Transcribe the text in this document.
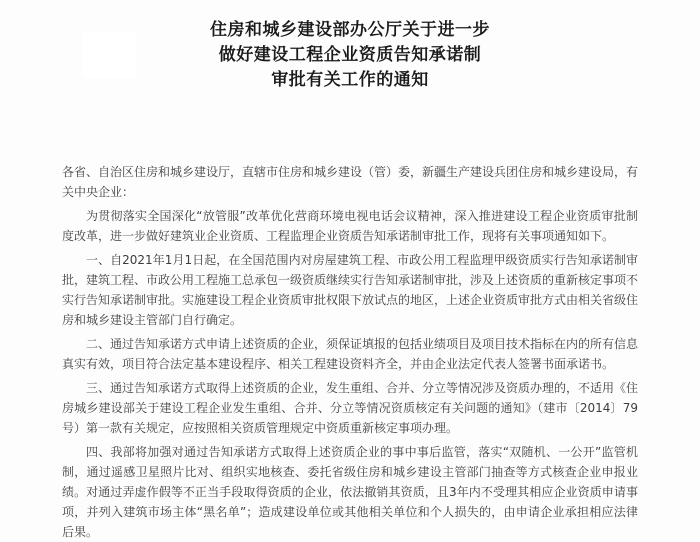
住房和城乡建设部办公厅关于进一步
做好建设工程企业资质告知承诺制
审批有关工作的通知
各省、自治区住房和城乡建设厅，直辖市住房和城乡建设（管）委，新疆生产建设兵团住房和城乡建设局，有关中央企业：

为贯彻落实全国深化“放管服”改革优化营商环境电视电话会议精神，深入推进建设工程企业资质审批制度改革，进一步做好建筑业企业资质、工程监理企业资质告知承诺制审批工作，现将有关事项通知如下。

一、自2021年1月1日起，在全国范围内对房屋建筑工程、市政公用工程监理甲级资质实行告知承诺制审批，建筑工程、市政公用工程施工总承包一级资质继续实行告知承诺制审批，涉及上述资质的重新核定事项不实行告知承诺制审批。实施建设工程企业资质审批权限下放试点的地区，上述企业资质审批方式由相关省级住房和城乡建设主管部门自行确定。

二、通过告知承诺方式申请上述资质的企业，须保证填报的包括业绩项目及项目技术指标在内的所有信息真实有效，项目符合法定基本建设程序、相关工程建设资料齐全，并由企业法定代表人签署书面承诺书。

三、通过告知承诺方式取得上述资质的企业，发生重组、合并、分立等情况涉及资质办理的，不适用《住房城乡建设部关于建设工程企业发生重组、合并、分立等情况资质核定有关问题的通知》（建市〔2014〕79号）第一款有关规定，应按照相关资质管理规定中资质重新核定事项办理。

四、我部将加强对通过告知承诺方式取得上述资质企业的事中事后监管，落实“双随机、一公开”监管机制，通过遥感卫星照片比对、组织实地核查、委托省级住房和城乡建设主管部门抽查等方式核查企业申报业绩。对通过弄虚作假等不正当手段取得资质的企业，依法撤销其资质，且3年内不受理其相应企业资质申请事项，并列入建筑市场主体“黑名单”；造成建设单位或其他相关单位和个人损失的，由申请企业承担相应法律后果。
